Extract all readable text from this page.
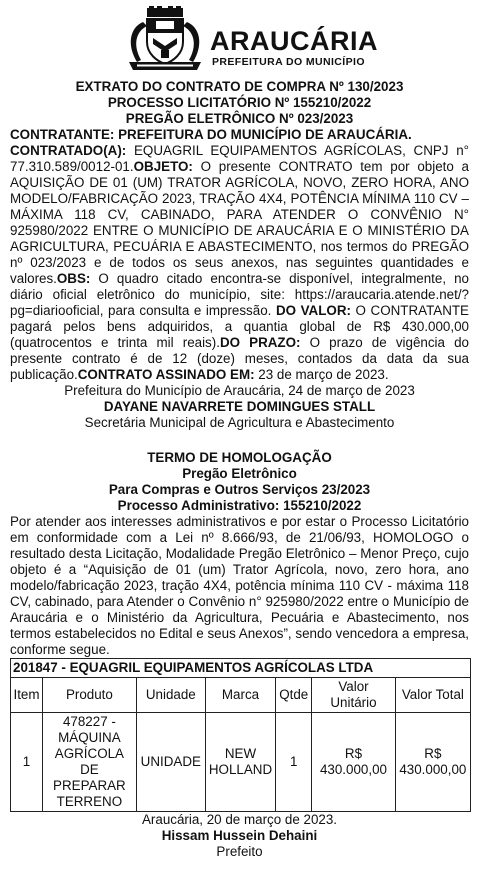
ARAUCÁRIA
PREFEITURA DO MUNICÍPIO

EXTRATO DO CONTRATO DE COMPRA Nº 130/2023

PROCESSO LICITATÓRIO Nº 155210/2022

PREGÃO ELETRÔNICO Nº 023/2023

CONTRATANTE: PREFEITURA DO MUNICÍPIO DE ARAUCÁRIA.

CONTRATADO(A): EQUAGRIL EQUIPAMENTOS AGRÍCOLAS, CNPJ n° 77.310.589/0012-01.OBJETO: O presente CONTRATO tem por objeto a AQUISIÇÃO DE 01 (UM) TRATOR AGRÍCOLA, NOVO, ZERO HORA, ANO MODELO/FABRICAÇÃO 2023, TRAÇÃO 4X4, POTÊNCIA MÍNIMA 110 CV – MÁXIMA 118 CV, CABINADO, PARA ATENDER O CONVÊNIO N° 925980/2022 ENTRE O MUNICÍPIO DE ARAUCÁRIA E O MINISTÉRIO DA AGRICULTURA, PECUÁRIA E ABASTECIMENTO, nos termos do PREGÃO nº 023/2023 e de todos os seus anexos, nas seguintes quantidades e valores.OBS: O quadro citado encontra-se disponível, integralmente, no diário oficial eletrônico do município, site: https://araucaria.atende.net/?pg=diariooficial, para consulta e impressão. DO VALOR: O CONTRATANTE pagará pelos bens adquiridos, a quantia global de R$ 430.000,00 (quatrocentos e trinta mil reais).DO PRAZO: O prazo de vigência do presente contrato é de 12 (doze) meses, contados da data da sua publicação.CONTRATO ASSINADO EM: 23 de março de 2023.

Prefeitura do Município de Araucária, 24 de março de 2023

DAYANE NAVARRETE DOMINGUES STALL

Secretária Municipal de Agricultura e Abastecimento

TERMO DE HOMOLOGAÇÃO

Pregão Eletrônico

Para Compras e Outros Serviços 23/2023

Processo Administrativo: 155210/2022

Por atender aos interesses administrativos e por estar o Processo Licitatório em conformidade com a Lei nº 8.666/93, de 21/06/93, HOMOLOGO o resultado desta Licitação, Modalidade Pregão Eletrônico – Menor Preço, cujo objeto é a “Aquisição de 01 (um) Trator Agrícola, novo, zero hora, ano modelo/fabricação 2023, tração 4X4, potência mínima 110 CV - máxima 118 CV, cabinado, para Atender o Convênio n° 925980/2022 entre o Município de Araucária e o Ministério da Agricultura, Pecuária e Abastecimento, nos termos estabelecidos no Edital e seus Anexos”, sendo vencedora a empresa, conforme segue.

201847 - EQUAGRIL EQUIPAMENTOS AGRÍCOLAS LTDA						
Item	Produto	Unidade	Marca	Qtde	Valor Unitário	Valor Total
1	478227 - MÁQUINA AGRÍCOLA DE PREPARAR TERRENO	UNIDADE	NEW HOLLAND	1	R$ 430.000,00	R$ 430.000,00

Araucária, 20 de março de 2023.

Hissam Hussein Dehaini

Prefeito
